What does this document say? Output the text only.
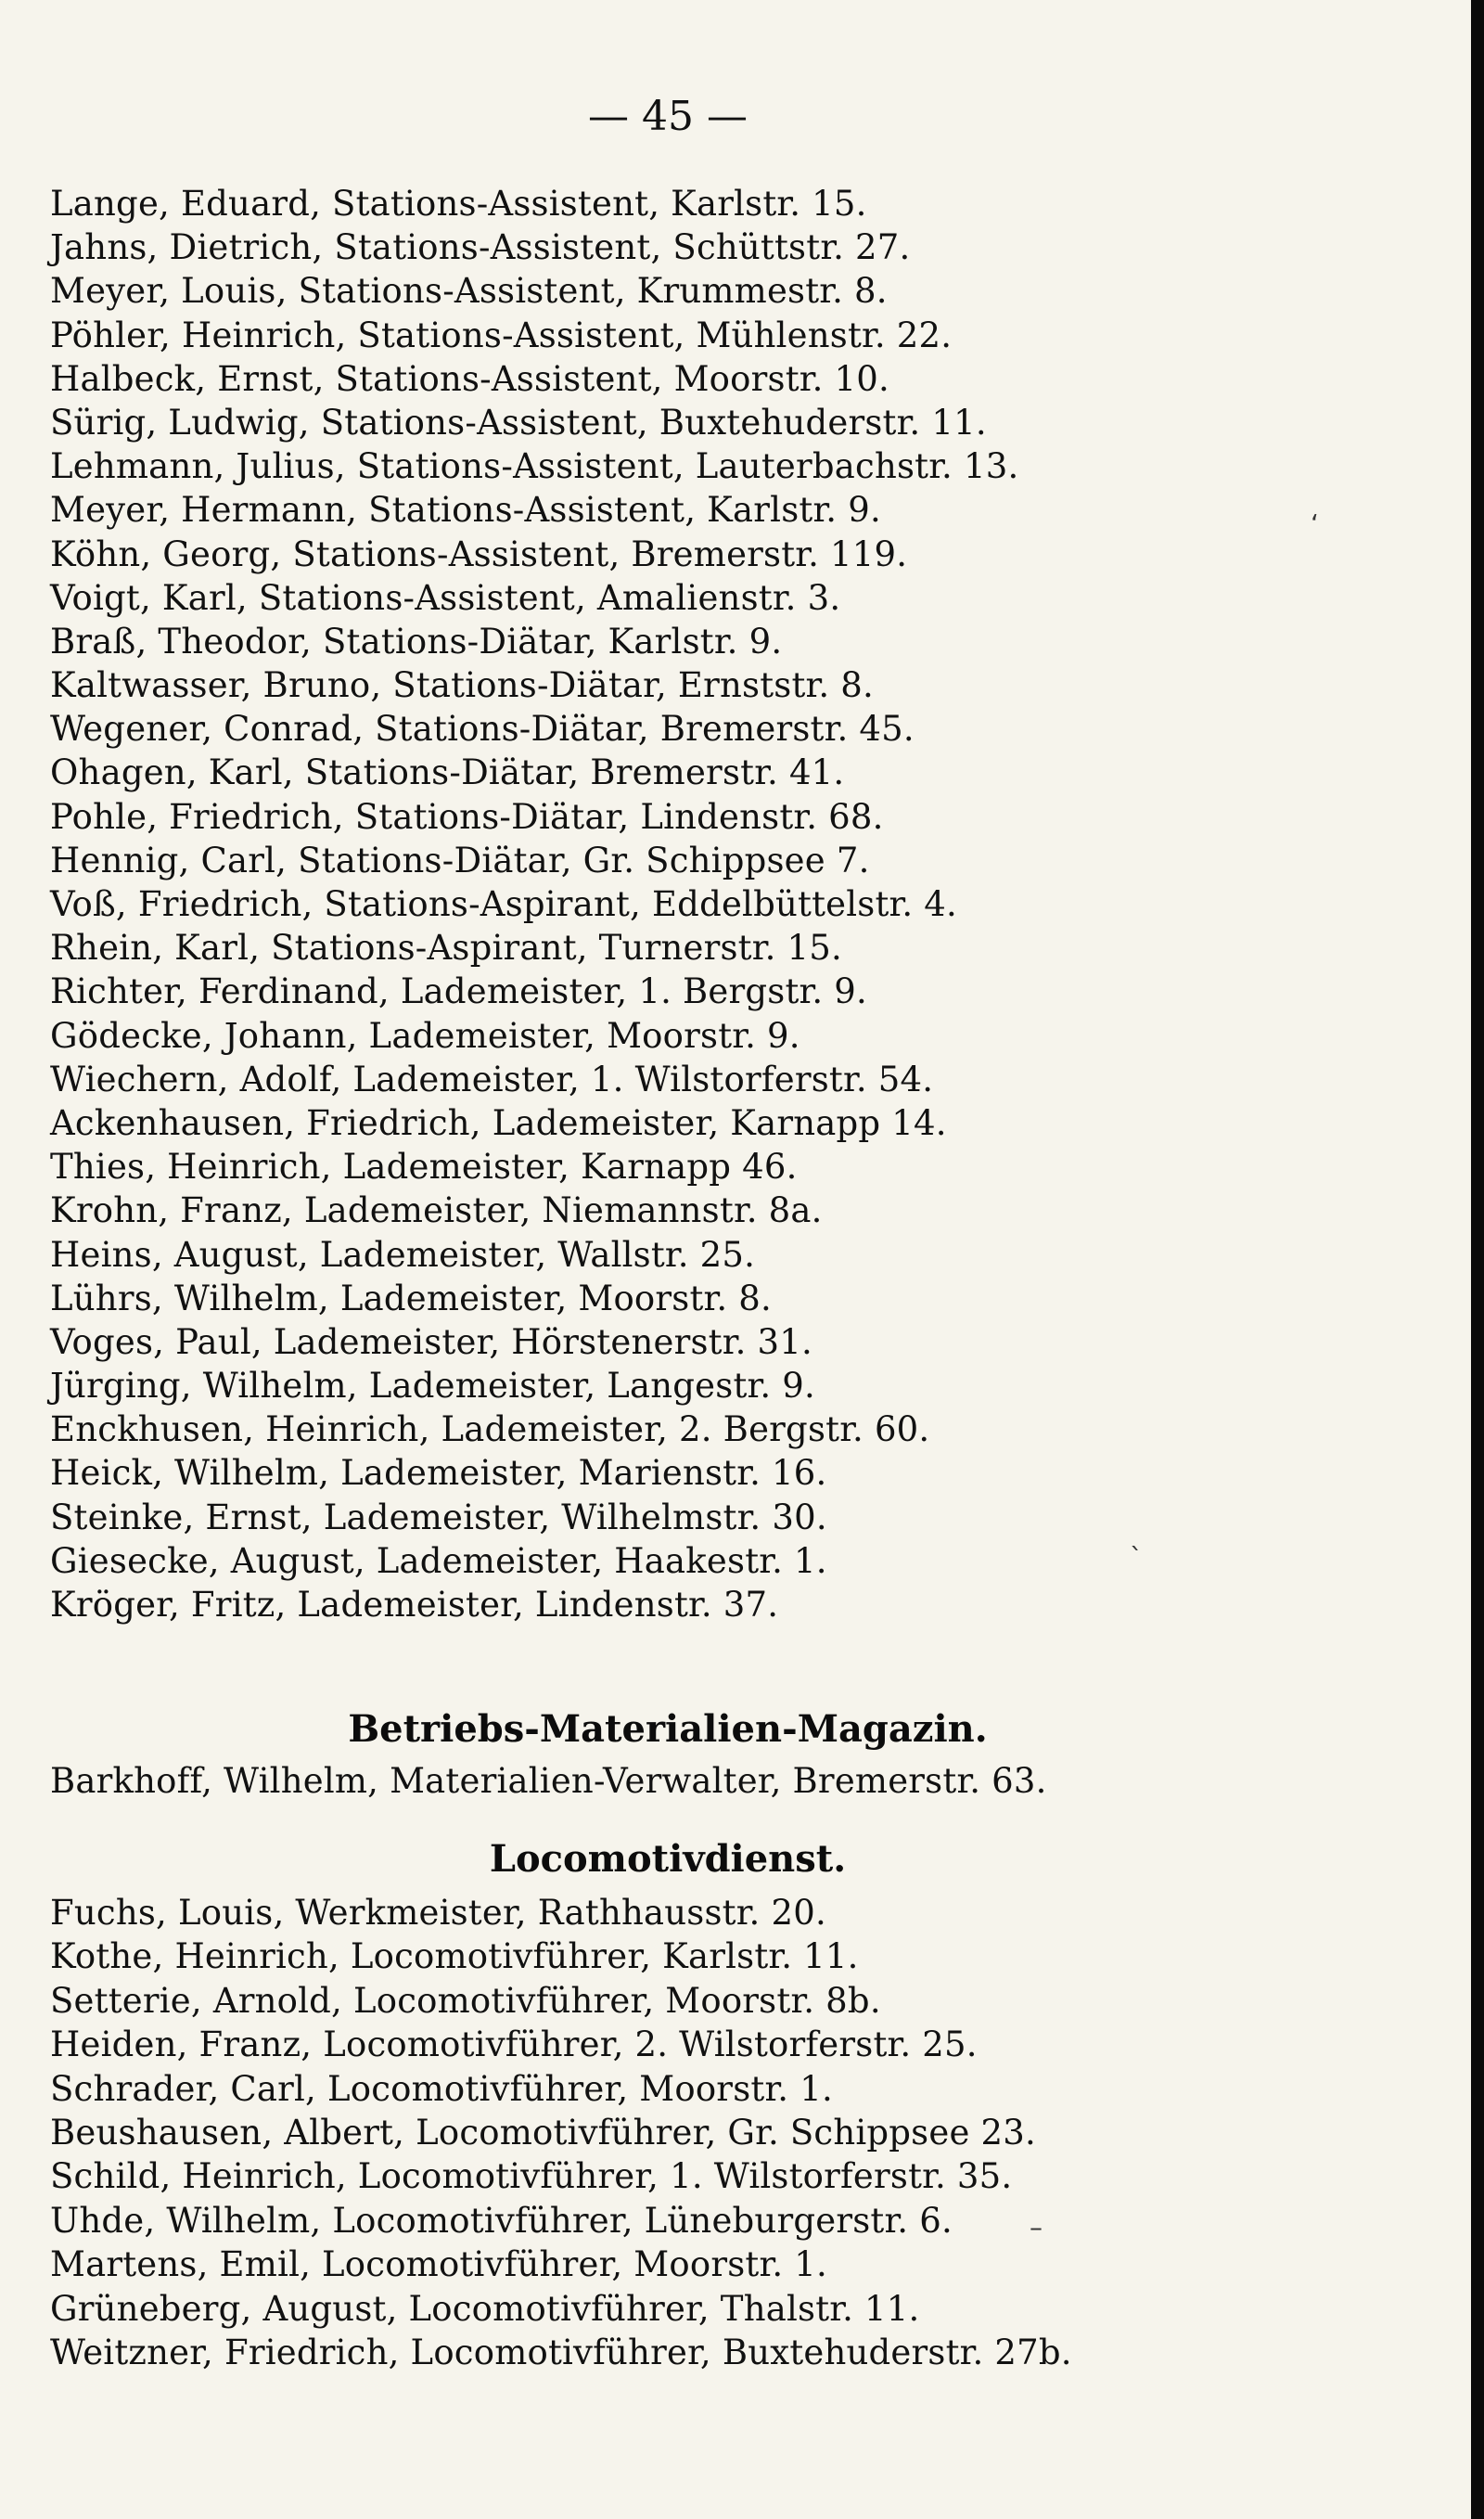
— 45 —
Lange, Eduard, Stations-Assistent, Karlstr. 15.
Jahns, Dietrich, Stations-Assistent, Schüttstr. 27.
Meyer, Louis, Stations-Assistent, Krummestr. 8.
Pöhler, Heinrich, Stations-Assistent, Mühlenstr. 22.
Halbeck, Ernst, Stations-Assistent, Moorstr. 10.
Sürig, Ludwig, Stations-Assistent, Buxtehuderstr. 11.
Lehmann, Julius, Stations-Assistent, Lauterbachstr. 13.
Meyer, Hermann, Stations-Assistent, Karlstr. 9.
Köhn, Georg, Stations-Assistent, Bremerstr. 119.
Voigt, Karl, Stations-Assistent, Amalienstr. 3.
Braß, Theodor, Stations-Diätar, Karlstr. 9.
Kaltwasser, Bruno, Stations-Diätar, Ernststr. 8.
Wegener, Conrad, Stations-Diätar, Bremerstr. 45.
Ohagen, Karl, Stations-Diätar, Bremerstr. 41.
Pohle, Friedrich, Stations-Diätar, Lindenstr. 68.
Hennig, Carl, Stations-Diätar, Gr. Schippsee 7.
Voß, Friedrich, Stations-Aspirant, Eddelbüttelstr. 4.
Rhein, Karl, Stations-Aspirant, Turnerstr. 15.
Richter, Ferdinand, Lademeister, 1. Bergstr. 9.
Gödecke, Johann, Lademeister, Moorstr. 9.
Wiechern, Adolf, Lademeister, 1. Wilstorferstr. 54.
Ackenhausen, Friedrich, Lademeister, Karnapp 14.
Thies, Heinrich, Lademeister, Karnapp 46.
Krohn, Franz, Lademeister, Niemannstr. 8a.
Heins, August, Lademeister, Wallstr. 25.
Lührs, Wilhelm, Lademeister, Moorstr. 8.
Voges, Paul, Lademeister, Hörstenerstr. 31.
Jürging, Wilhelm, Lademeister, Langestr. 9.
Enckhusen, Heinrich, Lademeister, 2. Bergstr. 60.
Heick, Wilhelm, Lademeister, Marienstr. 16.
Steinke, Ernst, Lademeister, Wilhelmstr. 30.
Giesecke, August, Lademeister, Haakestr. 1.
Kröger, Fritz, Lademeister, Lindenstr. 37.
Betriebs-Materialien-Magazin.
Barkhoff, Wilhelm, Materialien-Verwalter, Bremerstr. 63.
Locomotivdienst.
Fuchs, Louis, Werkmeister, Rathhausstr. 20.
Kothe, Heinrich, Locomotivführer, Karlstr. 11.
Setterie, Arnold, Locomotivführer, Moorstr. 8b.
Heiden, Franz, Locomotivführer, 2. Wilstorferstr. 25.
Schrader, Carl, Locomotivführer, Moorstr. 1.
Beushausen, Albert, Locomotivführer, Gr. Schippsee 23.
Schild, Heinrich, Locomotivführer, 1. Wilstorferstr. 35.
Uhde, Wilhelm, Locomotivführer, Lüneburgerstr. 6.
Martens, Emil, Locomotivführer, Moorstr. 1.
Grüneberg, August, Locomotivführer, Thalstr. 11.
Weitzner, Friedrich, Locomotivführer, Buxtehuderstr. 27b.
‘
`
–
